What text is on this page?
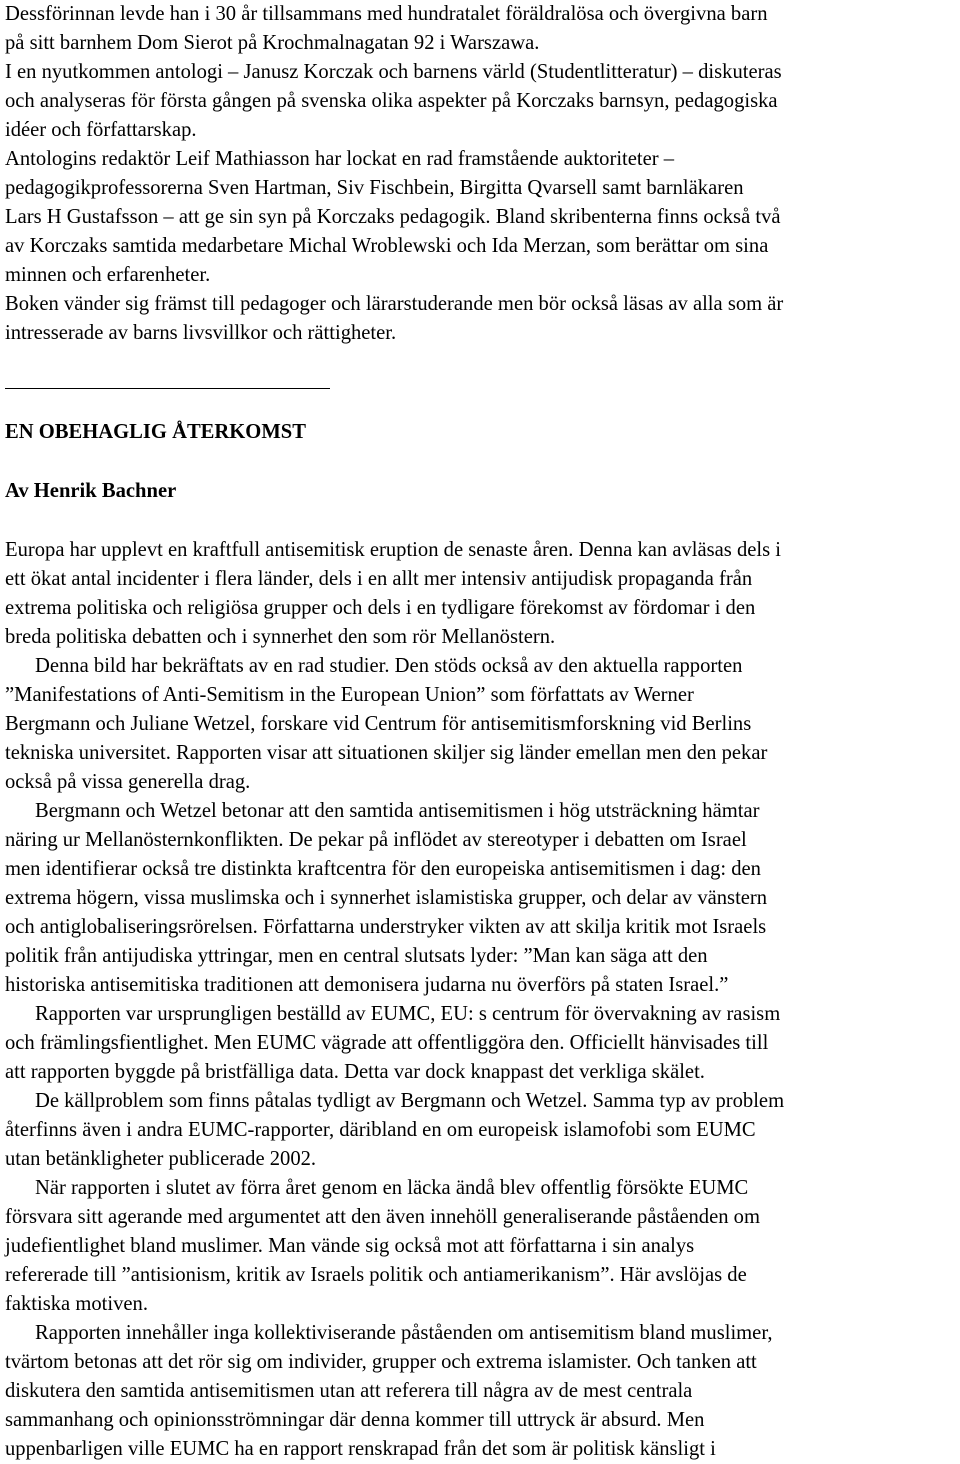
Dessförinnan levde han i 30 år tillsammans med hundratalet föräldralösa och övergivna barn
på sitt barnhem Dom Sierot på Krochmalnagatan 92 i Warszawa.

I en nyutkommen antologi – Janusz Korczak och barnens värld (Studentlitteratur) – diskuteras
och analyseras för första gången på svenska olika aspekter på Korczaks barnsyn, pedagogiska
idéer och författarskap.

Antologins redaktör Leif Mathiasson har lockat en rad framstående auktoriteter –
pedagogikprofessorerna Sven Hartman, Siv Fischbein, Birgitta Qvarsell samt barnläkaren
Lars H Gustafsson – att ge sin syn på Korczaks pedagogik. Bland skribenterna finns också två
av Korczaks samtida medarbetare Michal Wroblewski och Ida Merzan, som berättar om sina
minnen och erfarenheter.

Boken vänder sig främst till pedagoger och lärarstuderande men bör också läsas av alla som är
intresserade av barns livsvillkor och rättigheter.

EN OBEHAGLIG ÅTERKOMST
Av Henrik Bachner

Europa har upplevt en kraftfull antisemitisk eruption de senaste åren. Denna kan avläsas dels i
ett ökat antal incidenter i flera länder, dels i en allt mer intensiv antijudisk propaganda från
extrema politiska och religiösa grupper och dels i en tydligare förekomst av fördomar i den
breda politiska debatten och i synnerhet den som rör Mellanöstern.

Denna bild har bekräftats av en rad studier. Den stöds också av den aktuella rapporten
”Manifestations of Anti-Semitism in the European Union” som författats av Werner
Bergmann och Juliane Wetzel, forskare vid Centrum för antisemitismforskning vid Berlins
tekniska universitet. Rapporten visar att situationen skiljer sig länder emellan men den pekar
också på vissa generella drag.

Bergmann och Wetzel betonar att den samtida antisemitismen i hög utsträckning hämtar
näring ur Mellanösternkonflikten. De pekar på inflödet av stereotyper i debatten om Israel
men identifierar också tre distinkta kraftcentra för den europeiska antisemitismen i dag: den
extrema högern, vissa muslimska och i synnerhet islamistiska grupper, och delar av vänstern
och antiglobaliseringsrörelsen. Författarna understryker vikten av att skilja kritik mot Israels
politik från antijudiska yttringar, men en central slutsats lyder: ”Man kan säga att den
historiska antisemitiska traditionen att demonisera judarna nu överförs på staten Israel.”

Rapporten var ursprungligen beställd av EUMC, EU: s centrum för övervakning av rasism
och främlingsfientlighet. Men EUMC vägrade att offentliggöra den. Officiellt hänvisades till
att rapporten byggde på bristfälliga data. Detta var dock knappast det verkliga skälet.

De källproblem som finns påtalas tydligt av Bergmann och Wetzel. Samma typ av problem
återfinns även i andra EUMC-rapporter, däribland en om europeisk islamofobi som EUMC
utan betänkligheter publicerade 2002.

När rapporten i slutet av förra året genom en läcka ändå blev offentlig försökte EUMC
försvara sitt agerande med argumentet att den även innehöll generaliserande påståenden om
judefientlighet bland muslimer. Man vände sig också mot att författarna i sin analys
refererade till ”antisionism, kritik av Israels politik och antiamerikanism”. Här avslöjas de
faktiska motiven.

Rapporten innehåller inga kollektiviserande påståenden om antisemitism bland muslimer,
tvärtom betonas att det rör sig om individer, grupper och extrema islamister. Och tanken att
diskutera den samtida antisemitismen utan att referera till några av de mest centrala
sammanhang och opinionsströmningar där denna kommer till uttryck är absurd. Men
uppenbarligen ville EUMC ha en rapport renskrapad från det som är politisk känsligt i
